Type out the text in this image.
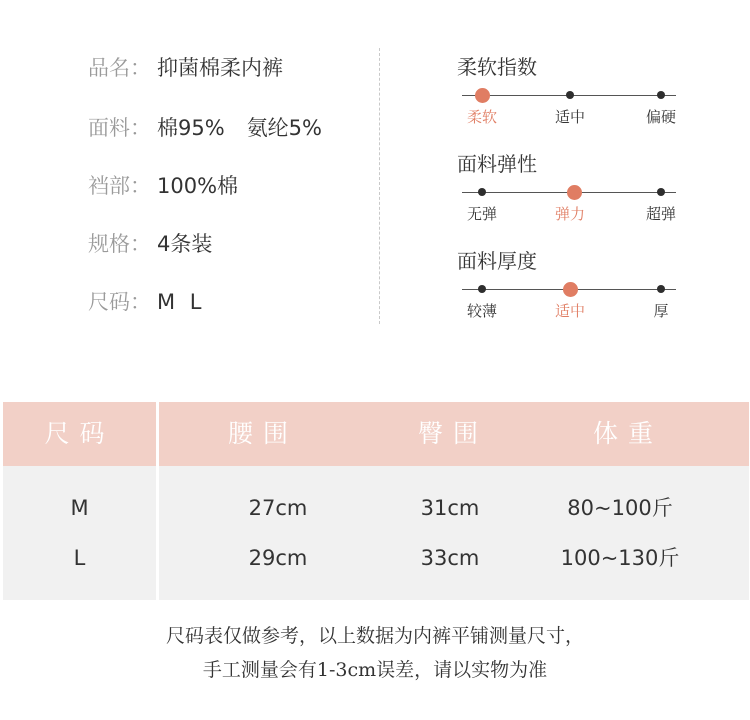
品名： 抑菌棉柔内裤
面料： 棉95% 氨纶5%
裆部： 100%棉
规格： 4条装
尺码： M L
柔软指数
柔软	适中	偏硬
面料弹性
无弹	弹力	超弹
面料厚度
较薄	适中	厚
尺码	腰围	臀围	体重
M	27cm	31cm	80~100斤
L	29cm	33cm	100~130斤
尺码表仅做参考，以上数据为内裤平铺测量尺寸，
手工测量会有1-3cm误差，请以实物为准
